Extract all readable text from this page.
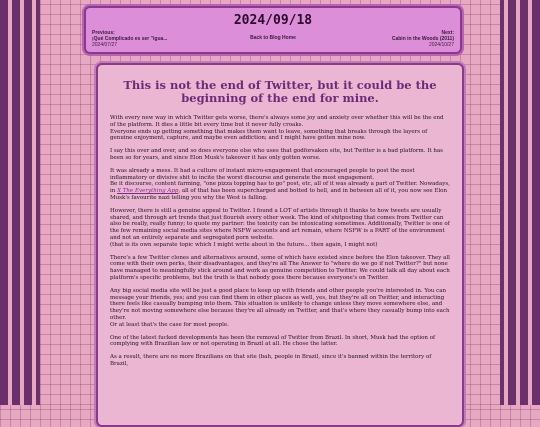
2024/09/18
Previous:
¡Qué Complicado es ser "igua...
2024/07/27
Back to Blog Home
Next:
Cabin in the Woods (2011)
2024/10/27
This is not the end of Twitter, but it could be the beginning of the end for mine.

With every new way in which Twitter gets worse, there's always some joy and anxiety over whether this will be the end of the platform. It dies a little bit every time but it never fully croaks.
Everyone ends up getting something that makes them want to leave, something that breaks through the layers of genuine enjoyment, capture, and maybe even addiction; and I might have gotten mine now.

I say this over and over, and so does everyone else who uses that godforsaken site, but Twitter is a bad platform. It has been so for years, and since Elon Musk's takeover it has only gotten worse.

It was already a mess. It had a culture of instant micro-engagement that encouraged people to post the most inflammatory or divisive shit to incite the worst discourse and generate the most engagement.
Be it discourse, content farming, "one pizza topping has to go" post, etc, all of it was already a part of Twitter. Nowadays, in X The Everything App, all of that has been supercharged and botted to hell, and in between all of it, you now see Elon Musk's favourite nazi telling you why the West is falling.

However, there is still a genuine appeal to Twitter. I found a LOT of artists through it thanks to how tweets are usually shared, and through art trends that just flourish every other week. The kind of shitposting that comes from Twitter can also be really, really funny; to quote my partner: the toxicity can be intoxicating sometimes. Additionally, Twitter is one of the few remaining social media sites where NSFW accounts and art remain, where NSFW is a PART of the environment and not an entirely separate and segregated porn website.
(that is its own separate topic which I might write about in the future... then again, I might not)

There's a few Twitter clones and alternatives around, some of which have existed since before the Elon takeover. They all come with their own perks, their disadvantages, and they're all The Answer to "where do we go if not Twitter?" but none have managed to meaningfully stick around and work as genuine competition to Twitter. We could talk all day about each platform's specific problems, but the truth is that nobody goes there because everyone's on Twitter.

Any big social media site will be just a good place to keep up with friends and other people you're interested in. You can message your friends, yes; and you can find them in other places as well, yes, but they're all on Twitter, and interacting there feels like casually bumping into them. This situation is unlikely to change unless they move somewhere else, and they're not moving somewhere else because they're all already on Twitter, and that's where they casually bump into each other.
Or at least that's the case for most people.

One of the latest fucked developments has been the removal of Twitter from Brazil. In short, Musk had the option of complying with Brazilian law or not operating in Brazil at all. He chose the latter.

As a result, there are no more Brazilians on that site (bah, people in Brazil, since it's banned within the territory of Brazil,
